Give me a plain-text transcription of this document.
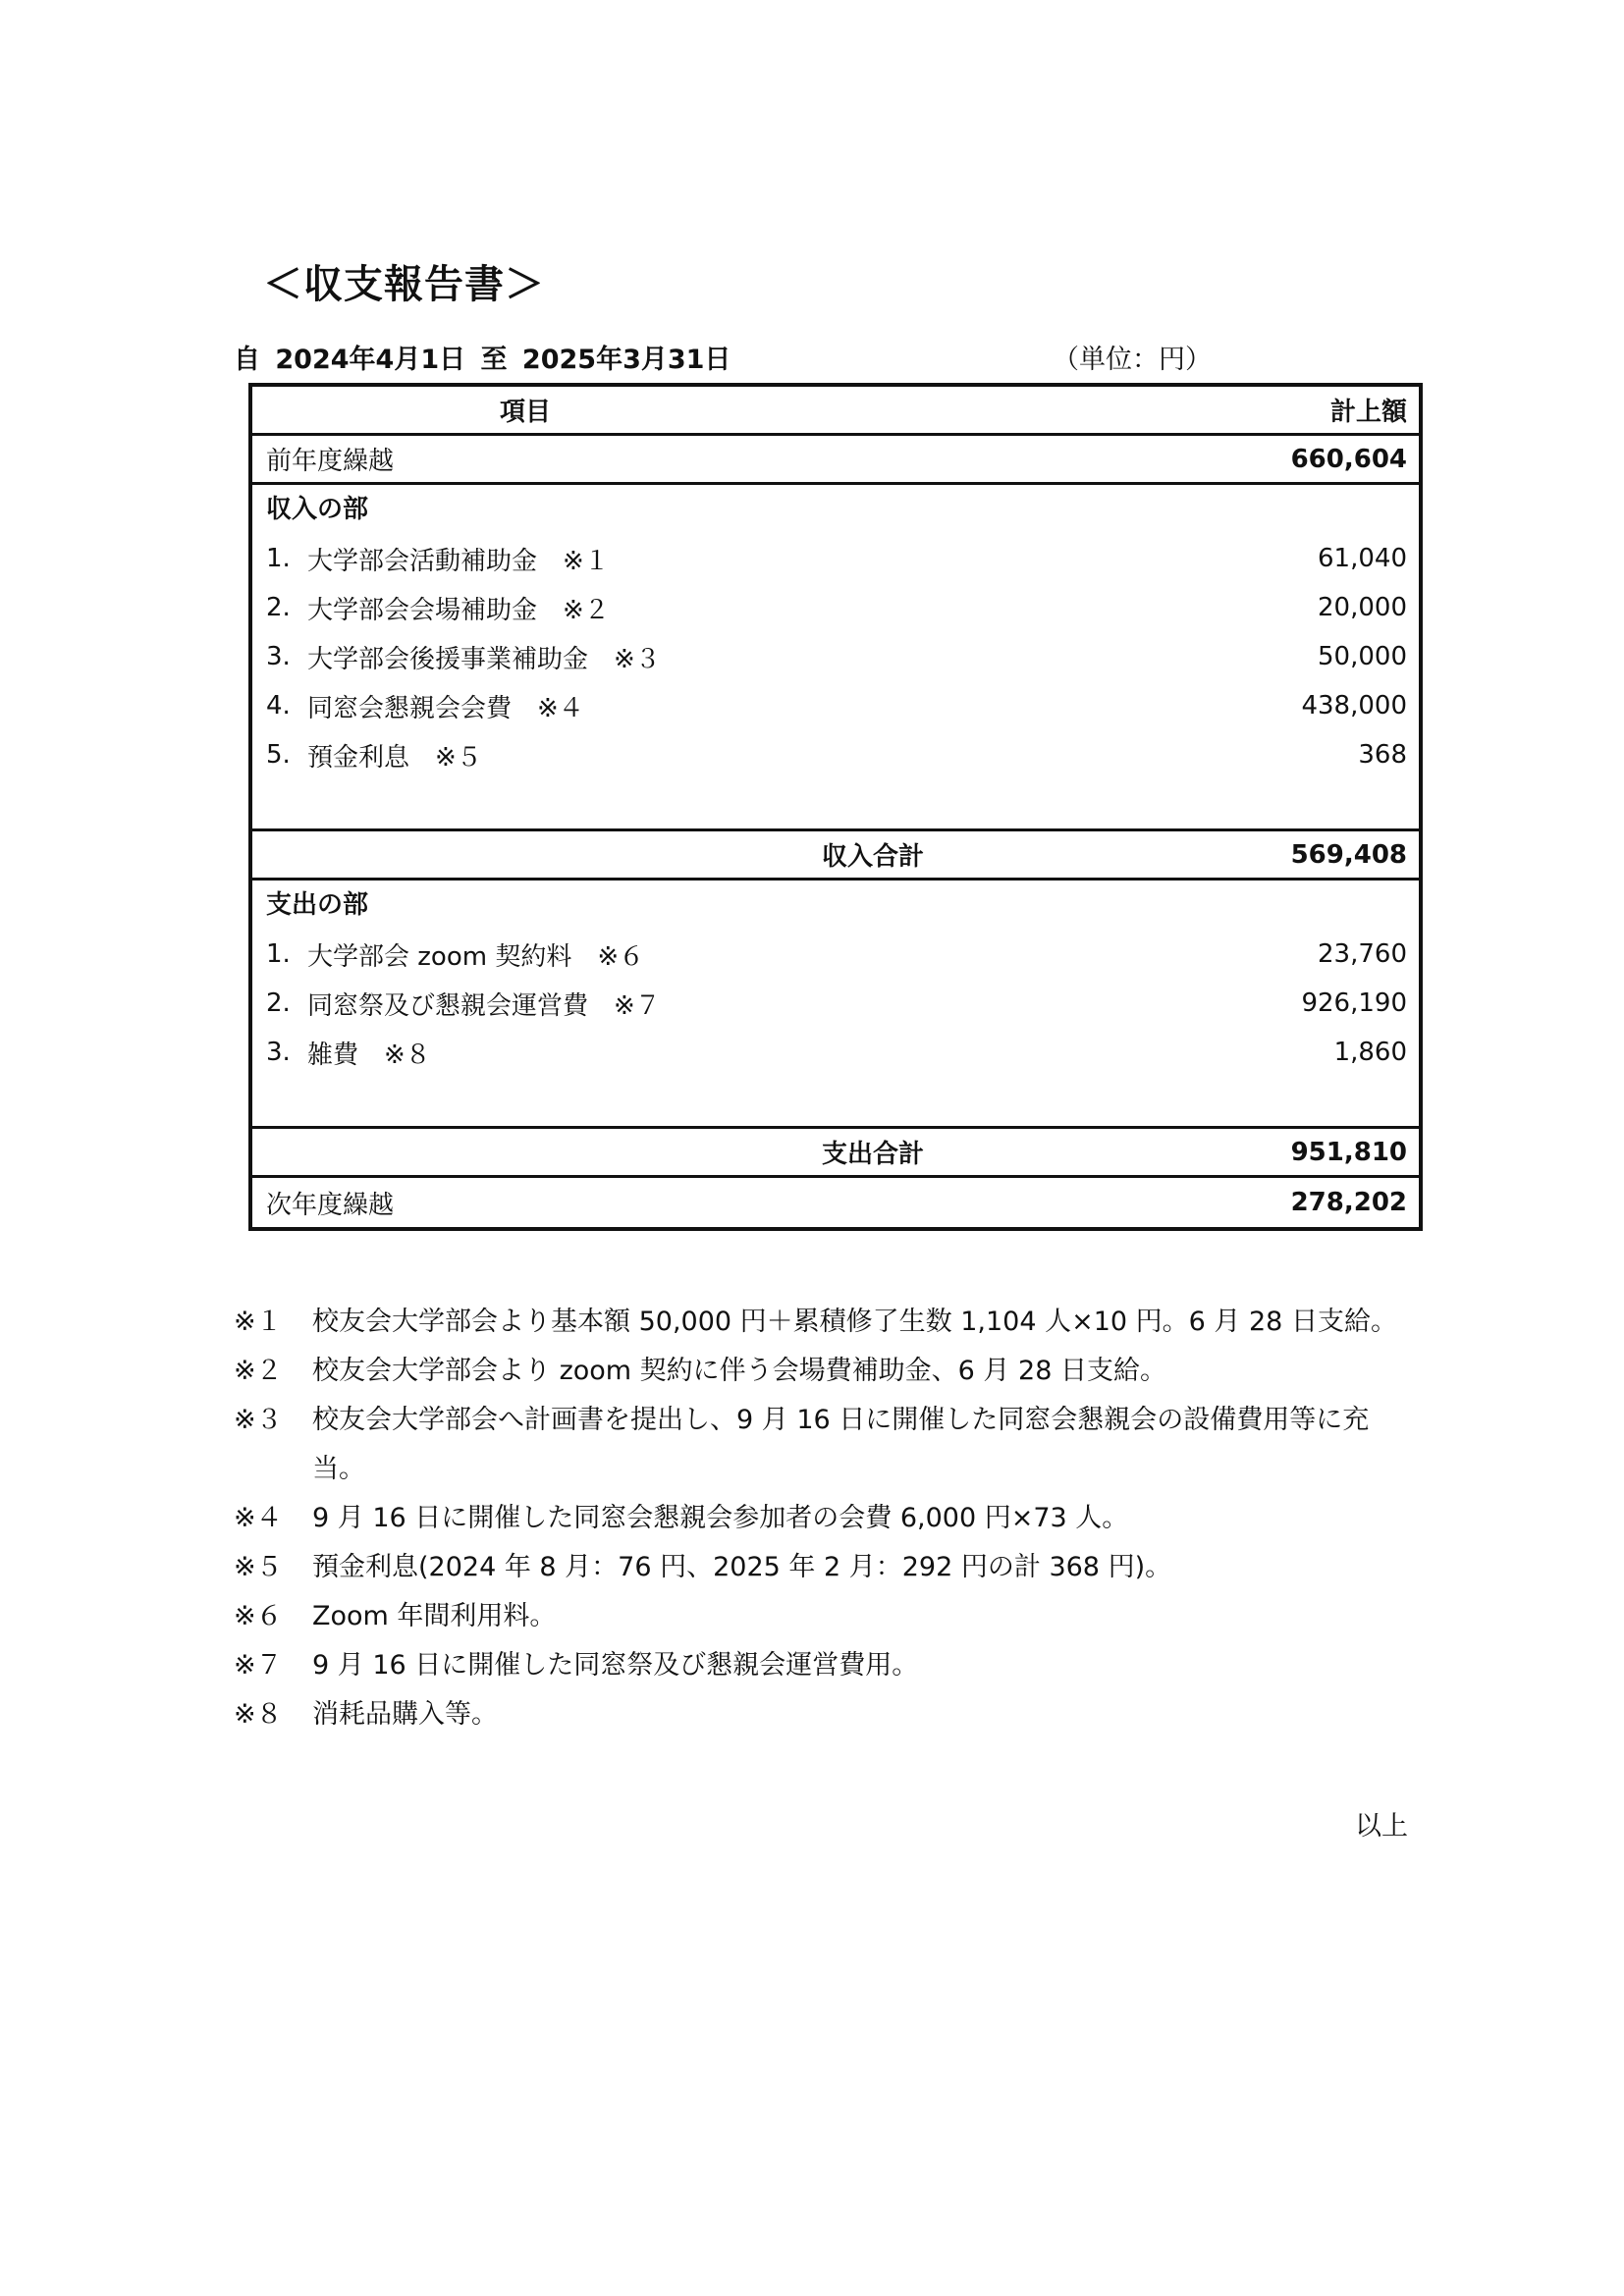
＜収支報告書＞
自 2024年4月1日 至 2025年3月31日	（単位：円）
項目	計上額
前年度繰越	660,604
収入の部
1. 大学部会活動補助金　※１	61,040
2. 大学部会会場補助金　※２	20,000
3. 大学部会後援事業補助金　※３	50,000
4. 同窓会懇親会会費　※４	438,000
5. 預金利息　※５	368
収入合計	569,408
支出の部
1. 大学部会 zoom 契約料　※６	23,760
2. 同窓祭及び懇親会運営費　※７	926,190
3. 雑費　※８	1,860
支出合計	951,810
次年度繰越	278,202
※１ 校友会大学部会より基本額 50,000 円＋累積修了生数 1,104 人×10 円。6 月 28 日支給。
※２ 校友会大学部会より zoom 契約に伴う会場費補助金、6 月 28 日支給。
※３ 校友会大学部会へ計画書を提出し、9 月 16 日に開催した同窓会懇親会の設備費用等に充当。
※４ 9 月 16 日に開催した同窓会懇親会参加者の会費 6,000 円×73 人。
※５ 預金利息(2024 年 8 月：76 円、2025 年 2 月：292 円の計 368 円)。
※６ Zoom 年間利用料。
※７ 9 月 16 日に開催した同窓祭及び懇親会運営費用。
※８ 消耗品購入等。
以上
